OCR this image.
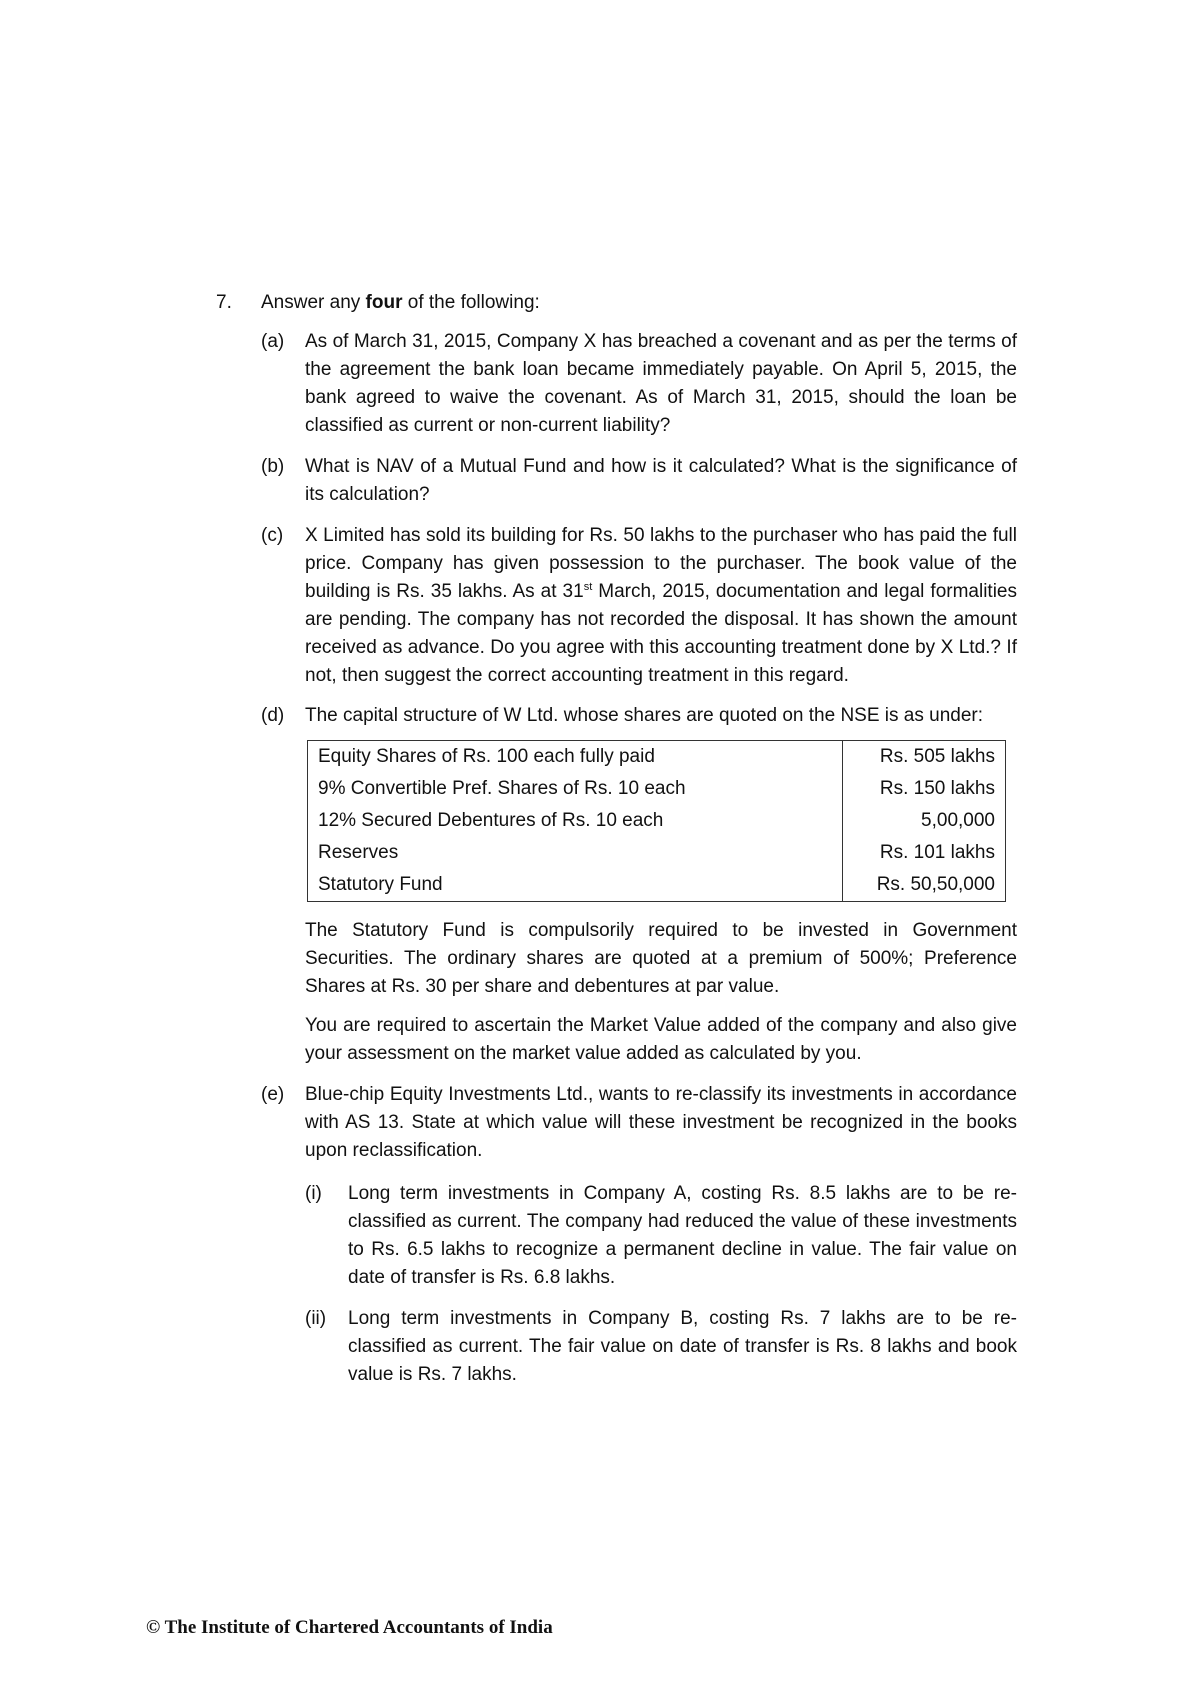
7. Answer any four of the following:
(a)	As of March 31, 2015, Company X has breached a covenant and as per the terms of the agreement the bank loan became immediately payable. On April 5, 2015, the bank agreed to waive the covenant. As of March 31, 2015, should the loan be classified as current or non-current liability?
(b)	What is NAV of a Mutual Fund and how is it calculated? What is the significance of its calculation?
(c)	X Limited has sold its building for Rs. 50 lakhs to the purchaser who has paid the full price. Company has given possession to the purchaser. The book value of the building is Rs. 35 lakhs. As at 31st March, 2015, documentation and legal formalities are pending. The company has not recorded the disposal. It has shown the amount received as advance. Do you agree with this accounting treatment done by X Ltd.? If not, then suggest the correct accounting treatment in this regard.
(d)	The capital structure of W Ltd. whose shares are quoted on the NSE is as under:
Equity Shares of Rs. 100 each fully paid	Rs. 505 lakhs
9% Convertible Pref. Shares of Rs. 10 each	Rs. 150 lakhs
12% Secured Debentures of Rs. 10 each	5,00,000
Reserves	Rs. 101 lakhs
Statutory Fund	Rs. 50,50,000
The Statutory Fund is compulsorily required to be invested in Government Securities. The ordinary shares are quoted at a premium of 500%; Preference Shares at Rs. 30 per share and debentures at par value.
You are required to ascertain the Market Value added of the company and also give your assessment on the market value added as calculated by you.
(e)	Blue-chip Equity Investments Ltd., wants to re-classify its investments in accordance with AS 13. State at which value will these investment be recognized in the books upon reclassification.
(i)	Long term investments in Company A, costing Rs. 8.5 lakhs are to be re-classified as current. The company had reduced the value of these investments to Rs. 6.5 lakhs to recognize a permanent decline in value. The fair value on date of transfer is Rs. 6.8 lakhs.
(ii)	Long term investments in Company B, costing Rs. 7 lakhs are to be re-classified as current. The fair value on date of transfer is Rs. 8 lakhs and book value is Rs. 7 lakhs.
© The Institute of Chartered Accountants of India
